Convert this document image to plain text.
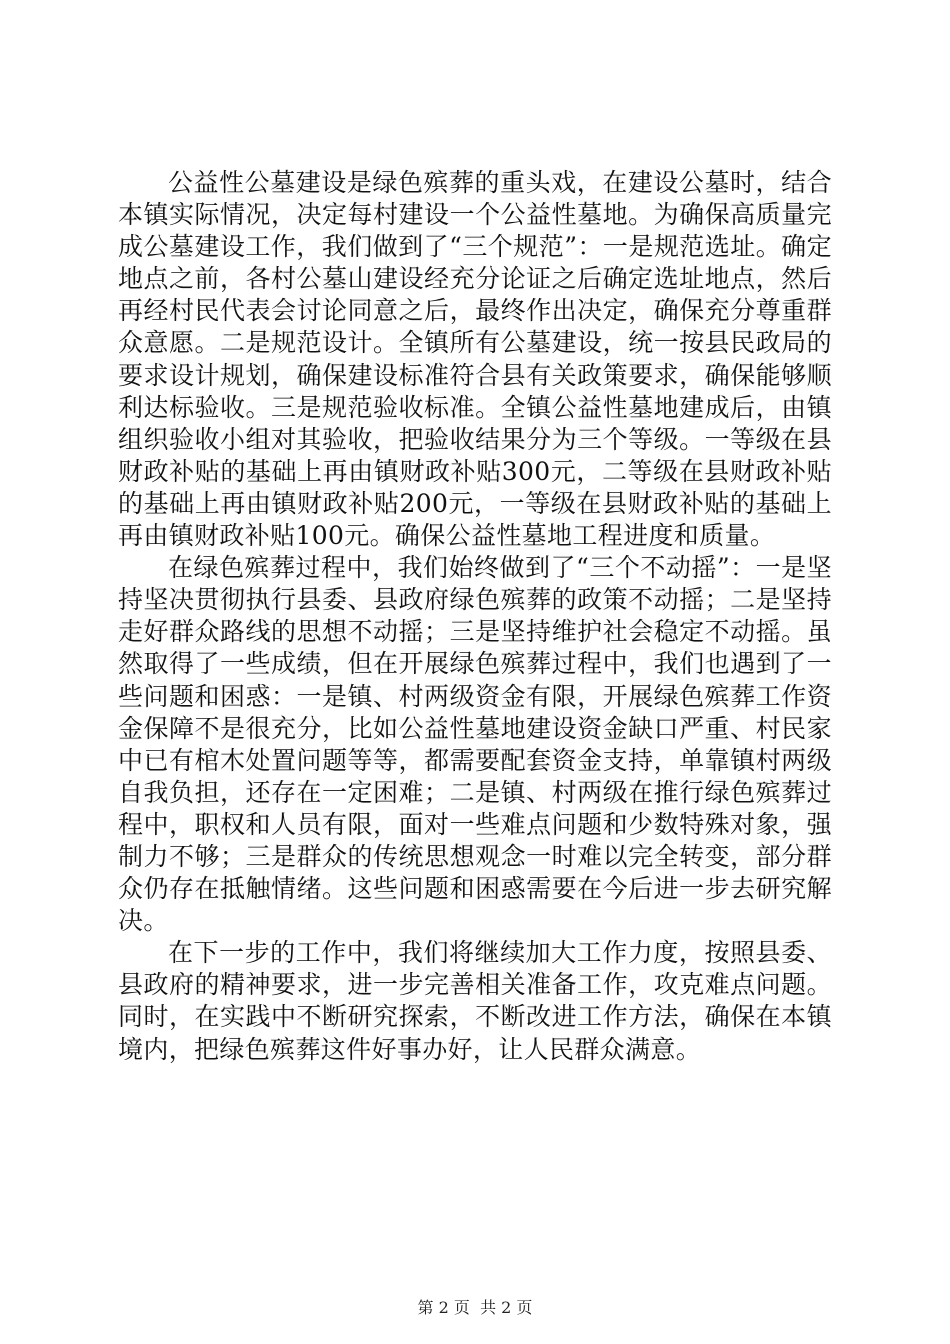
公益性公墓建设是绿色殡葬的重头戏，在建设公墓时，结合本镇实际情况，决定每村建设一个公益性墓地。为确保高质量完成公墓建设工作，我们做到了“三个规范”：一是规范选址。确定地点之前，各村公墓山建设经充分论证之后确定选址地点，然后再经村民代表会讨论同意之后，最终作出决定，确保充分尊重群众意愿。二是规范设计。全镇所有公墓建设，统一按县民政局的要求设计规划，确保建设标准符合县有关政策要求，确保能够顺利达标验收。三是规范验收标准。全镇公益性墓地建成后，由镇组织验收小组对其验收，把验收结果分为三个等级。一等级在县财政补贴的基础上再由镇财政补贴300元，二等级在县财政补贴的基础上再由镇财政补贴200元，一等级在县财政补贴的基础上再由镇财政补贴100元。确保公益性墓地工程进度和质量。

在绿色殡葬过程中，我们始终做到了“三个不动摇”：一是坚持坚决贯彻执行县委、县政府绿色殡葬的政策不动摇；二是坚持走好群众路线的思想不动摇；三是坚持维护社会稳定不动摇。虽然取得了一些成绩，但在开展绿色殡葬过程中，我们也遇到了一些问题和困惑：一是镇、村两级资金有限，开展绿色殡葬工作资金保障不是很充分，比如公益性墓地建设资金缺口严重、村民家中已有棺木处置问题等等，都需要配套资金支持，单靠镇村两级自我负担，还存在一定困难；二是镇、村两级在推行绿色殡葬过程中，职权和人员有限，面对一些难点问题和少数特殊对象，强制力不够；三是群众的传统思想观念一时难以完全转变，部分群众仍存在抵触情绪。这些问题和困惑需要在今后进一步去研究解决。

在下一步的工作中，我们将继续加大工作力度，按照县委、县政府的精神要求，进一步完善相关准备工作，攻克难点问题。同时，在实践中不断研究探索，不断改进工作方法，确保在本镇境内，把绿色殡葬这件好事办好，让人民群众满意。

第 2 页  共 2 页
